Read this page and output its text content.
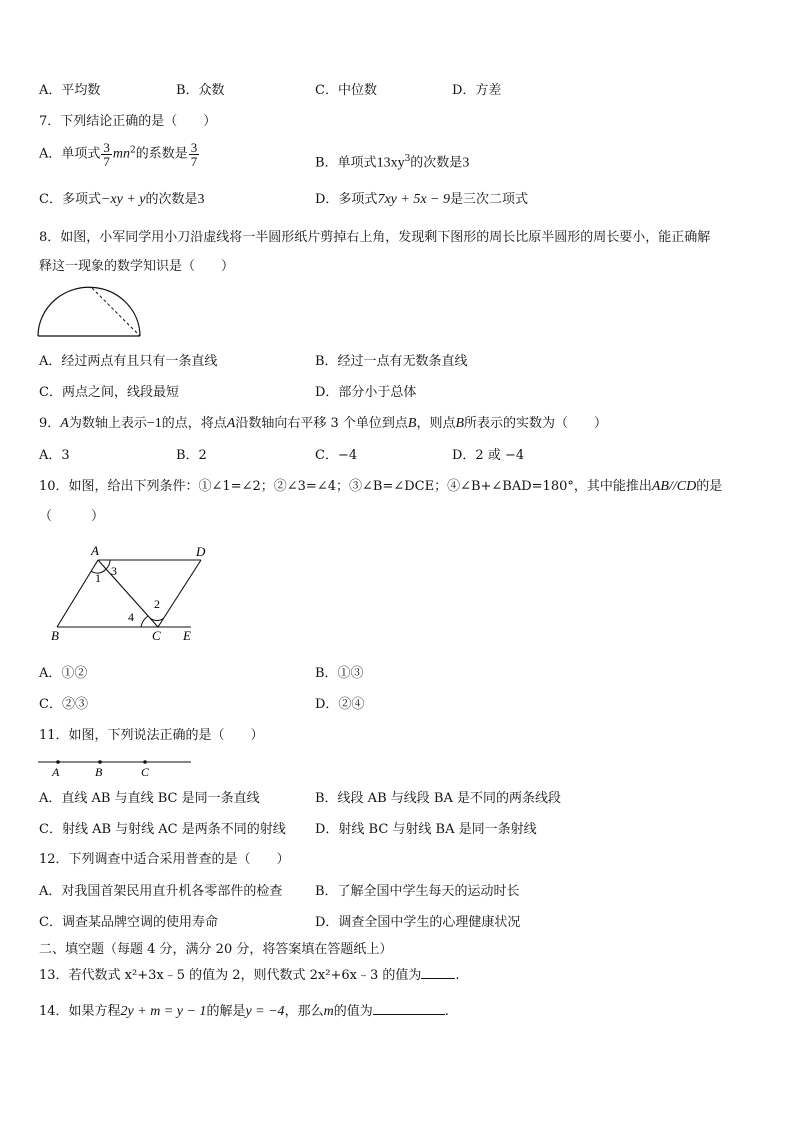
A．平均数	B．众数	C．中位数	D．方差
7．下列结论正确的是（　　）
A．单项式 $\frac{3}{7} mn^2$的系数是 $\frac{3}{7}$	B．单项式$13xy^3$的次数是3
C．多项式−xy + y的次数是3	D．多项式7xy + 5x − 9是三次二项式
8．如图，小军同学用小刀沿虚线将一半圆形纸片剪掉右上角，发现剩下图形的周长比原半圆形的周长要小，能正确解
释这一现象的数学知识是（　　）
A．经过两点有且只有一条直线	B．经过一点有无数条直线
C．两点之间，线段最短	D．部分小于总体
9．A为数轴上表示−1的点，将点A沿数轴向右平移 3 个单位到点B，则点B所表示的实数为（　　）
A．3	B．2	C．−4	D．2 或 −4
10．如图，给出下列条件：①∠1=∠2；②∠3=∠4；③∠B=∠DCE；④∠B+∠BAD=180°，其中能推出AB//CD的是
（　　　）
A	D
B	C E
1 3
4
2
A．①②	B．①③
C．②③	D．②④
11．如图，下列说法正确的是（　　）
A	B	C
A．直线 AB 与直线 BC 是同一条直线	B．线段 AB 与线段 BA 是不同的两条线段
C．射线 AB 与射线 AC 是两条不同的射线 D．射线 BC 与射线 BA 是同一条射线
12．下列调查中适合采用普查的是（　　）
A．对我国首架民用直升机各零部件的检查	B．了解全国中学生每天的运动时长
C．调查某品牌空调的使用寿命	D．调查全国中学生的心理健康状况
二、填空题（每题 4 分，满分 20 分，将答案填在答题纸上）
13．若代数式 x²+3x﹣5 的值为 2，则代数式 2x²+6x﹣3 的值为	.
14．如果方程2y + m = y − 1的解是y = −4，那么m的值为	.
